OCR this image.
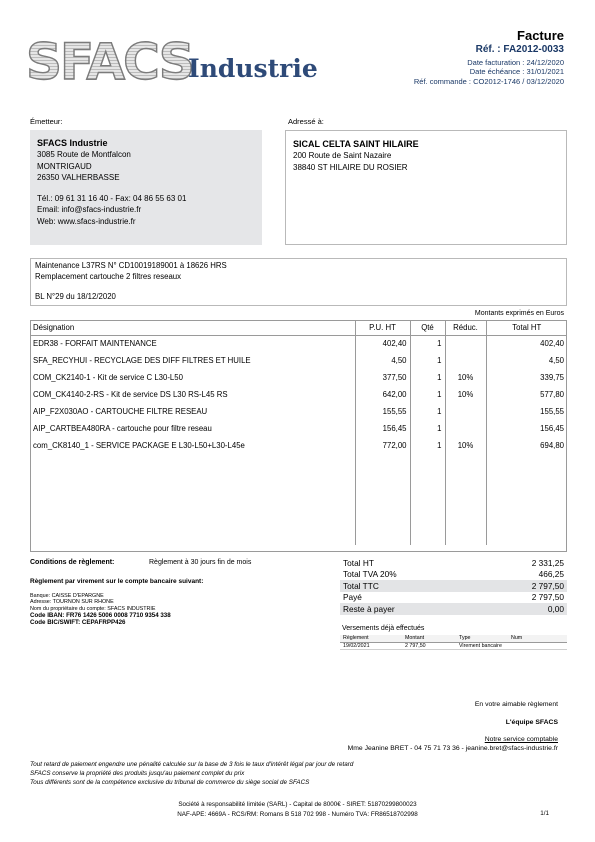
SFACS
Industrie
Facture
Réf. : FA2012-0033
Date facturation : 24/12/2020
Date échéance : 31/01/2021
Réf. commande : CO2012-1746 / 03/12/2020
Émetteur:
SFACS Industrie
3085 Route de Montfalcon
MONTRIGAUD
26350 VALHERBASSE
Tél.: 09 61 31 16 40 - Fax: 04 86 55 63 01
Email: info@sfacs-industrie.fr
Web: www.sfacs-industrie.fr
Adressé à:
SICAL CELTA SAINT HILAIRE
200 Route de Saint Nazaire
38840 ST HILAIRE DU ROSIER
Maintenance L37RS N° CD10019189001 à 18626 HRS
Remplacement cartouche 2 filtres reseaux
BL N°29 du 18/12/2020
Montants exprimés en Euros
Désignation	P.U. HT	Qté	Réduc.	Total HT
EDR38 - FORFAIT MAINTENANCE	402,40	1		402,40
SFA_RECYHUI - RECYCLAGE DES DIFF FILTRES ET HUILE	4,50	1		4,50
COM_CK2140-1 - Kit de service C L30-L50	377,50	1	10%	339,75
COM_CK4140-2-RS - Kit de service DS L30 RS-L45 RS	642,00	1	10%	577,80
AIP_F2X030AO - CARTOUCHE FILTRE RESEAU	155,55	1		155,55
AIP_CARTBEA480RA - cartouche pour filtre reseau	156,45	1		156,45
com_CK8140_1 - SERVICE PACKAGE E L30-L50+L30-L45e	772,00	1	10%	694,80

Conditions de règlement:	Règlement à 30 jours fin de mois
Règlement par virement sur le compte bancaire suivant:
Banque: CAISSE D'EPARGNE
Adresse: TOURNON SUR RHONE
Nom du propriétaire du compte: SFACS INDUSTRIE
Code IBAN: FR76 1426 5006 0008 7710 9354 338
Code BIC/SWIFT: CEPAFRPP426
Total HT	2 331,25
Total TVA 20%	466,25
Total TTC	2 797,50
Payé	2 797,50
Reste à payer	0,00
Versements déjà effectués
Règlement	Montant	Type	Num
19/02/2021	2 797,50	Virement bancaire	
En votre aimable règlement
L'équipe SFACS
Notre service comptable
Mme Jeanine BRET - 04 75 71 73 36 - jeanine.bret@sfacs-industrie.fr
Tout retard de paiement engendre une pénalité calculée sur la base de 3 fois le taux d'intérêt légal par jour de retard
SFACS conserve la propriété des produits jusqu'au paiement complet du prix
Tous différents sont de la compétence exclusive du tribunal de commerce du siège social de SFACS
Société à responsabilité limitée (SARL) - Capital de 8000€ - SIRET: 51870299800023
NAF-APE: 4669A - RCS/RM: Romans B 518 702 998 - Numéro TVA: FR86518702998	1/1
